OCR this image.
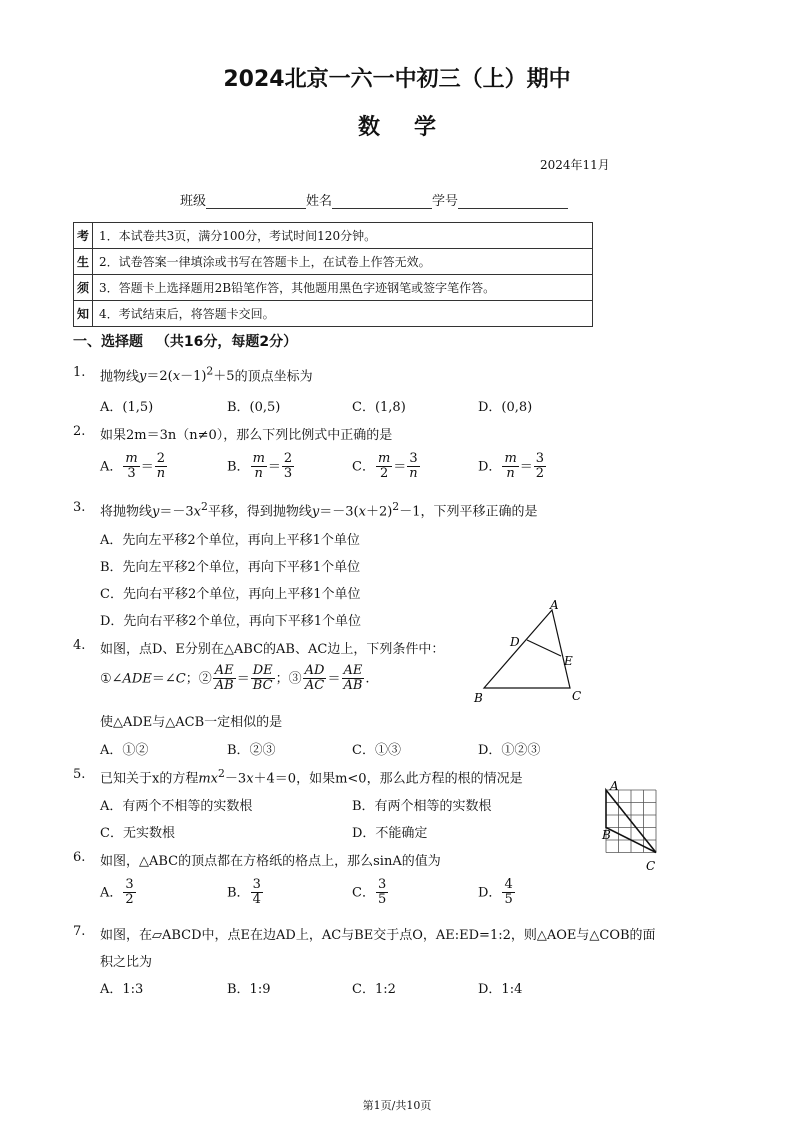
2024北京一六一中初三（上）期中
数学
2024年11月
班级	姓名	学号
考	1．本试卷共3页，满分100分，考试时间120分钟。
生	2．试卷答案一律填涂或书写在答题卡上，在试卷上作答无效。
须	3．答题卡上选择题用2B铅笔作答，其他题用黑色字迹钢笔或签字笔作答。
知	4．考试结束后，将答题卡交回。
一、选择题 （共16分，每题2分）
1. 抛物线$y=2(x-1)^2+5$的顶点坐标为
A．(1,5)	B．(0,5)	C．(1,8)	D．(0,8)
2. 如果2m＝3n（n≠0），那么下列比例式中正确的是
A． $\frac{m}{3} = \frac{2}{n}$	B． $\frac{m}{n} = \frac{2}{3}$	C． $\frac{m}{2} = \frac{3}{n}$	D． $\frac{m}{n} = \frac{3}{2}$
3. 将抛物线$y=-3x^2$平移，得到抛物线$y=-3(x+2)^2-1$，下列平移正确的是
A．先向左平移2个单位，再向上平移1个单位
B．先向左平移2个单位，再向下平移1个单位
C．先向右平移2个单位，再向上平移1个单位
D．先向右平移2个单位，再向下平移1个单位
A
D
E
B	C
4. 如图，点D、E分别在△ABC的AB、AC边上，下列条件中：
①∠ADE＝∠C；② $\frac{AE}{AB} = \frac{DE}{BC}$ ；③ $\frac{AD}{AC} = \frac{AE}{AB}$ .
使△ADE与△ACB一定相似的是
A．①②	B．②③	C．①③	D．①②③
5. 已知关于x的方程$mx^2-3x+4=0$，如果m<0，那么此方程的根的情况是
A．有两个不相等的实数根	B．有两个相等的实数根
C．无实数根	D．不能确定
A
B
C
6. 如图，△ABC的顶点都在方格纸的格点上，那么sinA的值为
A． $\frac{3}{2}$	B． $\frac{3}{4}$	C． $\frac{3}{5}$	D． $\frac{4}{5}$
7. 如图，在▱ABCD中，点E在边AD上，AC与BE交于点O，AE:ED=1:2，则△AOE与△COB的面
积之比为
A．1:3	B．1:9	C．1:2	D．1:4
第1页/共10页
